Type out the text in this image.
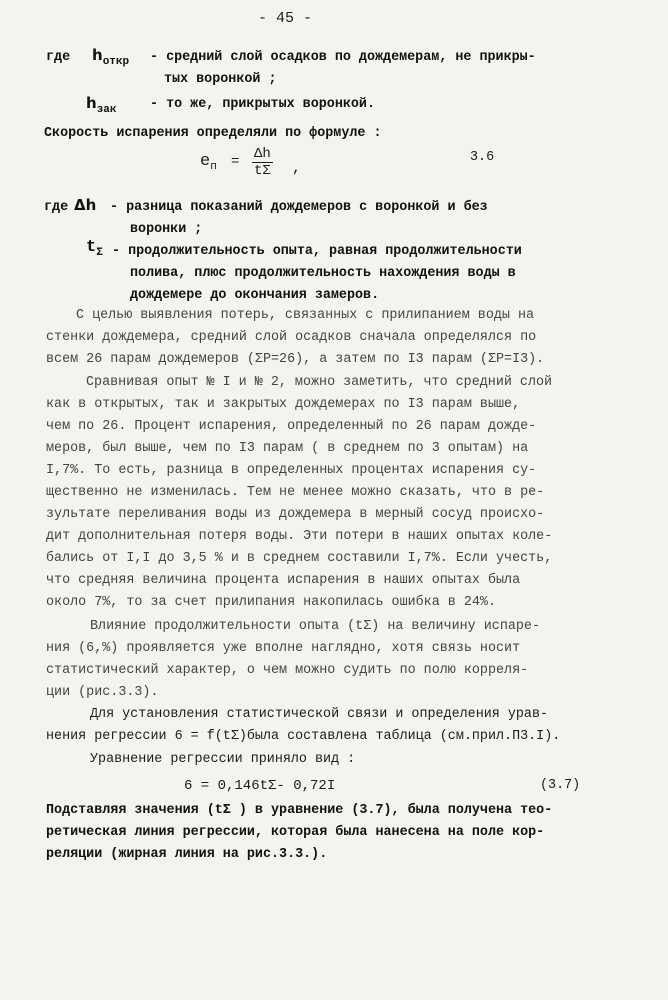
- 45 -
где $h_{откр}$ - средний слой осадков по дождемерам, не прикры-
тых воронкой ;
$h_{зак}$	- то же, прикрытых воронкой.
Скорость испарения определяли по формуле :
$e_п = \frac{\Delta h}{t\Sigma}$ ,
3.6
где Δh - разница показаний дождемеров с воронкой и без
воронки ;
$t_\Sigma$ - продолжительность опыта, равная продолжительности
полива, плюс продолжительность нахождения воды в
дождемере до окончания замеров.
С целью выявления потерь, связанных с прилипанием воды на
стенки дождемера, средний слой осадков сначала определялся по
всем 26 парам дождемеров (ΣP=26), а затем по I3 парам (ΣP=I3).
Сравнивая опыт № I и № 2, можно заметить, что средний слой
как в открытых, так и закрытых дождемерах по I3 парам выше,
чем по 26. Процент испарения, определенный по 26 парам дожде-
меров, был выше, чем по I3 парам ( в среднем по 3 опытам) на
I,7%. То есть, разница в определенных процентах испарения су-
щественно не изменилась. Тем не менее можно сказать, что в ре-
зультате переливания воды из дождемера в мерный сосуд происхо-
дит дополнительная потеря воды. Эти потери в наших опытах коле-
бались от I,I до 3,5 % и в среднем составили I,7%. Если учесть,
что средняя величина процента испарения в наших опытах была
около 7%, то за счет прилипания накопилась ошибка в 24%.
Влияние продолжительности опыта (tΣ) на величину испаре-
ния (6,%) проявляется уже вполне наглядно, хотя связь носит
статистический характер, о чем можно судить по полю корреля-
ции (рис.3.3).
Для установления статистической связи и определения урав-
нения регрессии 6 = f(tΣ)была составлена таблица (см.прил.П3.I).
Уравнение регрессии приняло вид :
6 = 0,146tΣ- 0,72I	(3.7)
Подставляя значения (tΣ ) в уравнение (3.7), была получена тео-
ретическая линия регрессии, которая была нанесена на поле кор-
реляции (жирная линия на рис.3.3.).
